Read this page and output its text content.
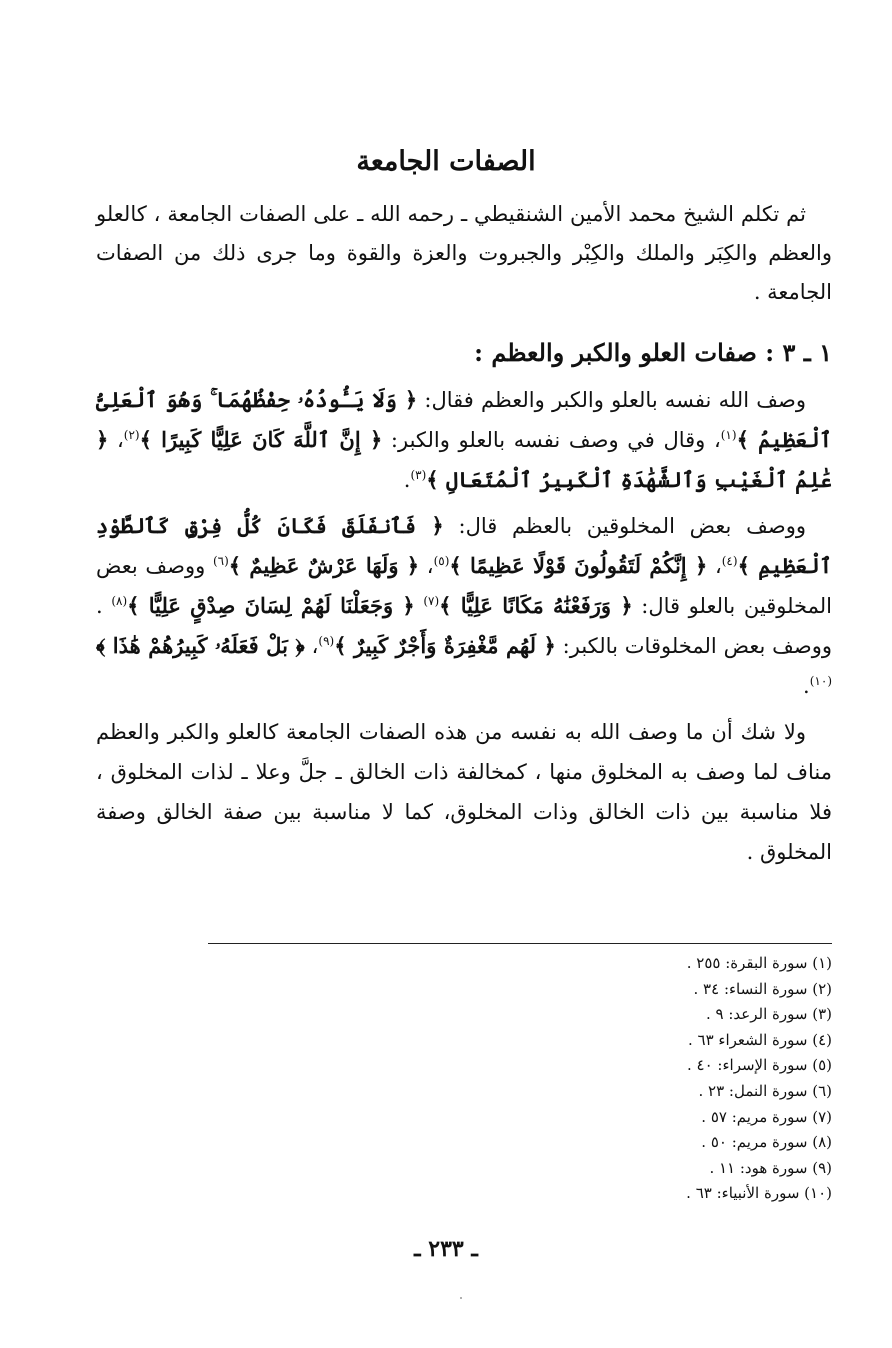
الصفات الجامعة

ثم تكلم الشيخ محمد الأمين الشنقيطي ـ رحمه الله ـ على الصفات الجامعة ، كالعلو والعظم والكِبَر والملك والكِبْر والجبروت والعزة والقوة وما جرى ذلك من الصفات الجامعة .

١ ـ ٣ : صفات العلو والكبر والعظم :

وصف الله نفسه بالعلو والكبر والعظم فقال: ﴿ وَلَا يَـُٔودُهُۥ حِفْظُهُمَا ۚ وَهُوَ ٱلْعَلِىُّ ٱلْعَظِيمُ ﴾$^{(١)}$، وقال في وصف نفسه بالعلو والكبر: ﴿ إِنَّ ٱللَّهَ كَانَ عَلِيًّا كَبِيرًا ﴾$^{(٢)}$، ﴿ عَٰلِمُ ٱلْغَيْبِ وَٱلشَّهَٰدَةِ ٱلْكَبِيرُ ٱلْمُتَعَالِ ﴾$^{(٣)}$.

ووصف بعض المخلوقين بالعظم قال: ﴿ فَٱنفَلَقَ فَكَانَ كُلُّ فِرْقٍ كَٱلطَّوْدِ ٱلْعَظِيمِ ﴾$^{(٤)}$، ﴿ إِنَّكُمْ لَتَقُولُونَ قَوْلًا عَظِيمًا ﴾$^{(٥)}$، ﴿ وَلَهَا عَرْشٌ عَظِيمٌ ﴾$^{(٦)}$ ووصف بعض المخلوقين بالعلو قال: ﴿ وَرَفَعْنَٰهُ مَكَانًا عَلِيًّا ﴾$^{(٧)}$ ﴿ وَجَعَلْنَا لَهُمْ لِسَانَ صِدْقٍ عَلِيًّا ﴾$^{(٨)}$ . ووصف بعض المخلوقات بالكبر: ﴿ لَهُم مَّغْفِرَةٌ وَأَجْرٌ كَبِيرٌ ﴾$^{(٩)}$، ﴿ بَلْ فَعَلَهُۥ كَبِيرُهُمْ هَٰذَا ﴾$^{(١٠)}$.

ولا شك أن ما وصف الله به نفسه من هذه الصفات الجامعة كالعلو والكبر والعظم مناف لما وصف به المخلوق منها ، كمخالفة ذات الخالق ـ جلَّ وعلا ـ لذات المخلوق ، فلا مناسبة بين ذات الخالق وذات المخلوق، كما لا مناسبة بين صفة الخالق وصفة المخلوق .

(١) سورة البقرة: ٢٥٥ .
(٢) سورة النساء: ٣٤ .
(٣) سورة الرعد: ٩ .
(٤) سورة الشعراء ٦٣ .
(٥) سورة الإسراء: ٤٠ .
(٦) سورة النمل: ٢٣ .
(٧) سورة مريم: ٥٧ .
(٨) سورة مريم: ٥٠ .
(٩) سورة هود: ١١ .
(١٠) سورة الأنبياء: ٦٣ .
ـ ٢٣٣ ـ
